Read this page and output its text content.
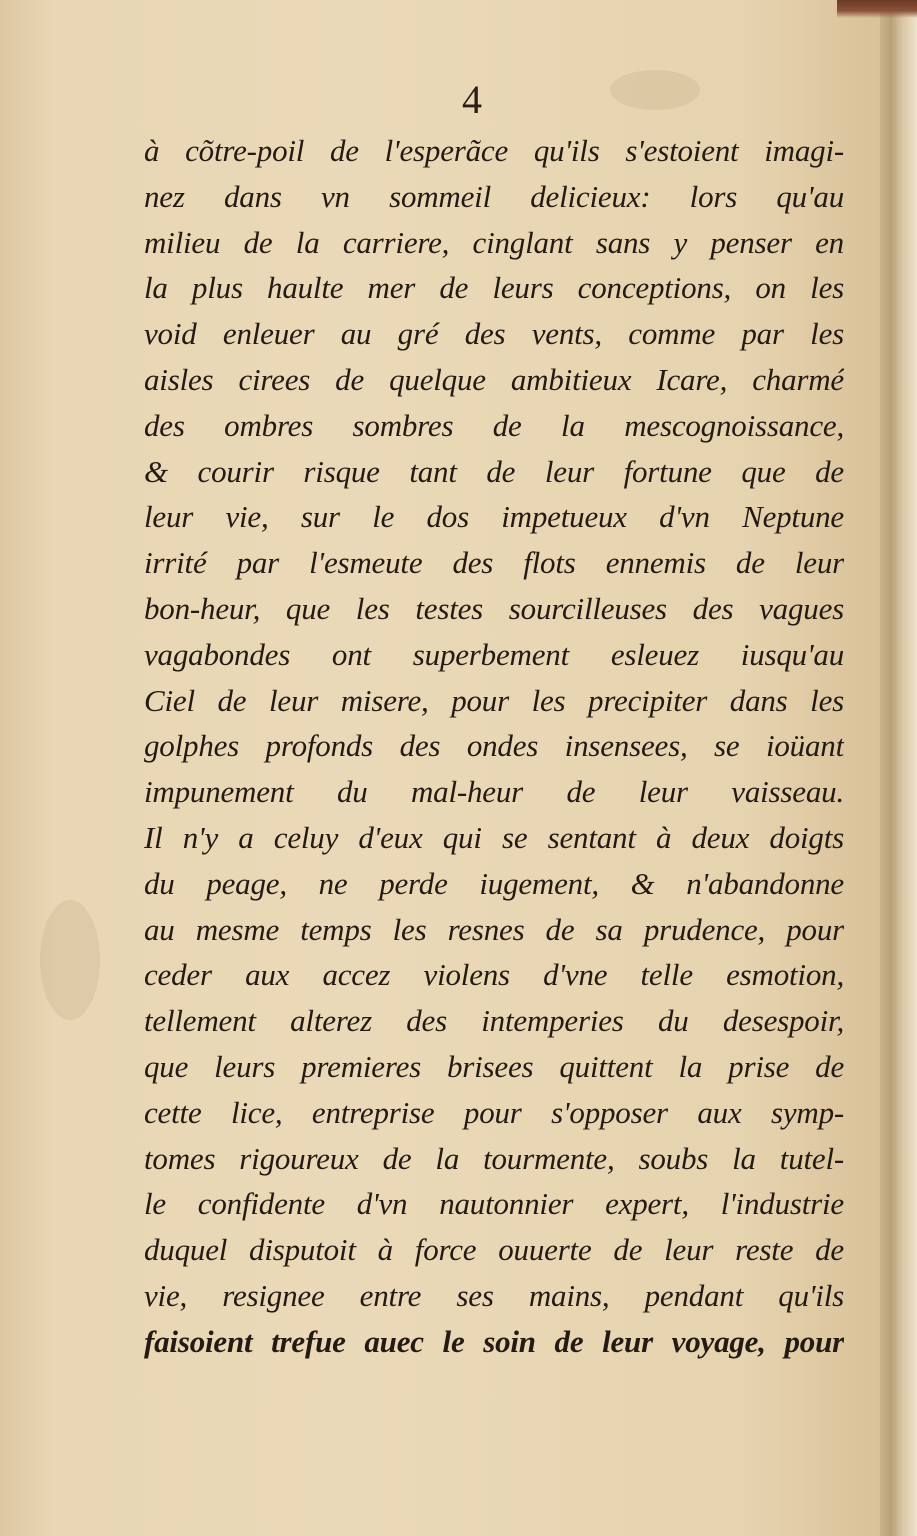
4
à cõtre-poil de l'esperãce qu'ils s'estoient imagi-
nez dans vn sommeil delicieux: lors qu'au
milieu de la carriere, cinglant sans y penser en
la plus haulte mer de leurs conceptions, on les
void enleuer au gré des vents, comme par les
aisles cirees de quelque ambitieux Icare, charmé
des ombres sombres de la mescognoissance,
& courir risque tant de leur fortune que de
leur vie, sur le dos impetueux d'vn Neptune
irrité par l'esmeute des flots ennemis de leur
bon-heur, que les testes sourcilleuses des vagues
vagabondes ont superbement esleuez iusqu'au
Ciel de leur misere, pour les precipiter dans les
golphes profonds des ondes insensees, se ioüant
impunement du mal-heur de leur vaisseau.
Il n'y a celuy d'eux qui se sentant à deux doigts
du peage, ne perde iugement, & n'abandonne
au mesme temps les resnes de sa prudence, pour
ceder aux accez violens d'vne telle esmotion,
tellement alterez des intemperies du desespoir,
que leurs premieres brisees quittent la prise de
cette lice, entreprise pour s'opposer aux symp-
tomes rigoureux de la tourmente, soubs la tutel-
le confidente d'vn nautonnier expert, l'industrie
duquel disputoit à force ouuerte de leur reste de
vie, resignee entre ses mains, pendant qu'ils
faisoient trefue auec le soin de leur voyage, pour
